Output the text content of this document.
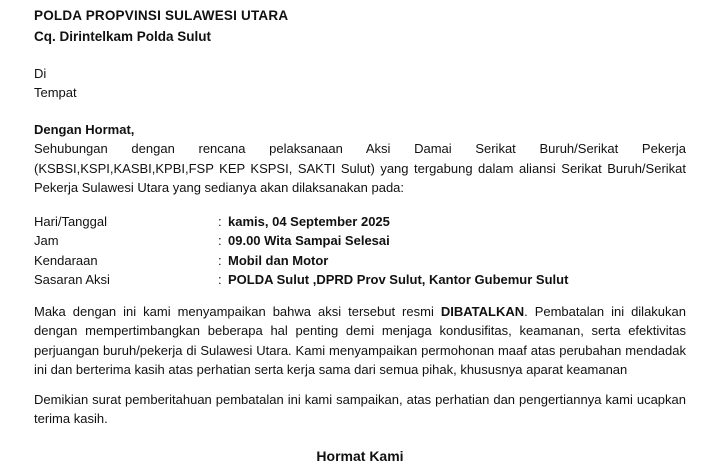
POLDA PROPVINSI SULAWESI UTARA
Cq. Dirintelkam Polda Sulut
Di
Tempat
Dengan Hormat,

Sehubungan dengan rencana pelaksanaan Aksi Damai Serikat Buruh/Serikat Pekerja (KSBSI,KSPI,KASBI,KPBI,FSP KEP KSPSI, SAKTI Sulut) yang tergabung dalam aliansi Serikat Buruh/Serikat Pekerja Sulawesi Utara yang sedianya akan dilaksanakan pada:

Hari/Tanggal	:	kamis, 04 September 2025
Jam	:	09.00 Wita Sampai Selesai
Kendaraan	:	Mobil dan Motor
Sasaran Aksi	:	POLDA Sulut ,DPRD Prov Sulut, Kantor Gubemur Sulut

Maka dengan ini kami menyampaikan bahwa aksi tersebut resmi DIBATALKAN. Pembatalan ini dilakukan dengan mempertimbangkan beberapa hal penting demi menjaga kondusifitas, keamanan, serta efektivitas perjuangan buruh/pekerja di Sulawesi Utara. Kami menyampaikan permohonan maaf atas perubahan mendadak ini dan berterima kasih atas perhatian serta kerja sama dari semua pihak, khususnya aparat keamanan

Demikian surat pemberitahuan pembatalan ini kami sampaikan, atas perhatian dan pengertiannya kami ucapkan terima kasih.

Hormat Kami
